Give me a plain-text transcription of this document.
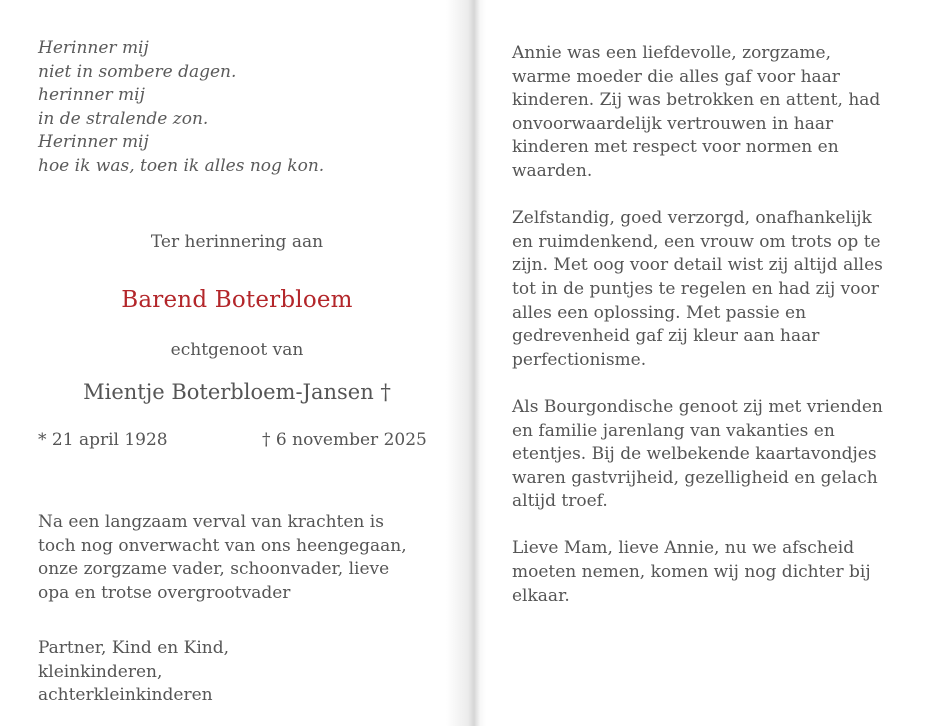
Herinner mij
niet in sombere dagen.
herinner mij
in de stralende zon.
Herinner mij
hoe ik was, toen ik alles nog kon.
Ter herinnering aan
Barend Boterbloem
echtgenoot van
Mientje Boterbloem-Jansen †
* 21 april 1928	† 6 november 2025
Na een langzaam verval van krachten is
toch nog onverwacht van ons heengegaan,
onze zorgzame vader, schoonvader, lieve
opa en trotse overgrootvader
Partner, Kind en Kind,
kleinkinderen,
achterkleinkinderen
Annie was een liefdevolle, zorgzame,
warme moeder die alles gaf voor haar
kinderen. Zij was betrokken en attent, had
onvoorwaardelijk vertrouwen in haar
kinderen met respect voor normen en
waarden.
Zelfstandig, goed verzorgd, onafhankelijk
en ruimdenkend, een vrouw om trots op te
zijn. Met oog voor detail wist zij altijd alles
tot in de puntjes te regelen en had zij voor
alles een oplossing. Met passie en
gedrevenheid gaf zij kleur aan haar
perfectionisme.
Als Bourgondische genoot zij met vrienden
en familie jarenlang van vakanties en
etentjes. Bij de welbekende kaartavondjes
waren gastvrijheid, gezelligheid en gelach
altijd troef.
Lieve Mam, lieve Annie, nu we afscheid
moeten nemen, komen wij nog dichter bij
elkaar.
